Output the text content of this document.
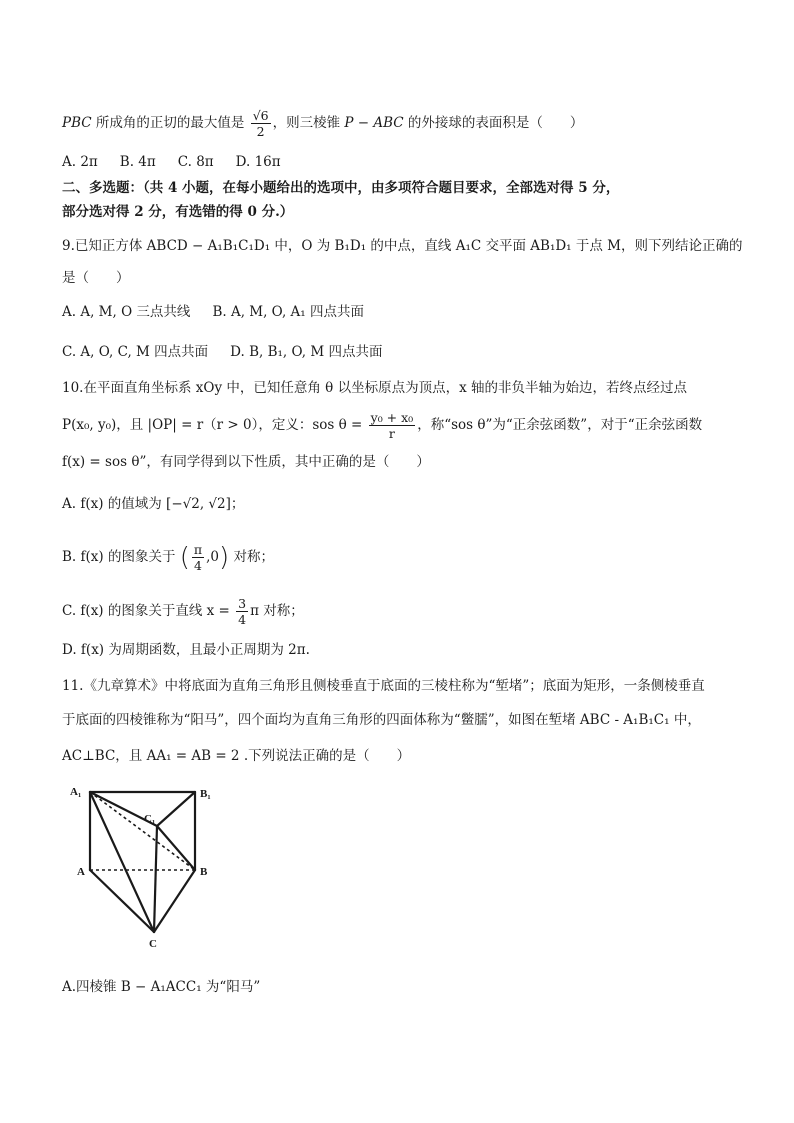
PBC 所成角的正切的最大值是 $\frac{√6}{2}$ ，则三棱锥 P − ABC 的外接球的表面积是（　　）
A. 2π B. 4π C. 8π D. 16π
二、多选题：（共 4 小题，在每小题给出的选项中，由多项符合题目要求，全部选对得 5 分，
部分选对得 2 分，有选错的得 0 分.）
9.已知正方体 ABCD − A₁B₁C₁D₁ 中，O 为 B₁D₁ 的中点，直线 A₁C 交平面 AB₁D₁ 于点 M，则下列结论正确的
是（　　）
A. A, M, O 三点共线 B. A, M, O, A₁ 四点共面
C. A, O, C, M 四点共面 D. B, B₁, O, M 四点共面
10.在平面直角坐标系 xOy 中，已知任意角 θ 以坐标原点为顶点，x 轴的非负半轴为始边，若终点经过点
P(x₀, y₀)，且 |OP| = r（r > 0），定义：sos $\theta = \frac{\text{y₀ + x₀}}{r}$ ，称“sos θ”为“正余弦函数”，对于“正余弦函数
f(x) = sos θ”，有同学得到以下性质，其中正确的是（　　）
A. f(x) 的值域为 [−√2, √2]；
B. f(x) 的图象关于 ( $\frac{\pi}{4} ,0$) 对称；
C. f(x) 的图象关于直线 $x = \frac{3}{4}$ π 对称；
D. f(x) 为周期函数，且最小正周期为 2π.
11.《九章算术》中将底面为直角三角形且侧棱垂直于底面的三棱柱称为“堑堵”；底面为矩形，一条侧棱垂直
于底面的四棱锥称为“阳马”，四个面均为直角三角形的四面体称为“鳖臑”，如图在堑堵 ABC - A₁B₁C₁ 中，
AC⊥BC，且 AA₁ = AB = 2 .下列说法正确的是（　　）
A₁	B₁
C₁
A	B
C
A.四棱锥 B − A₁ACC₁ 为“阳马”
